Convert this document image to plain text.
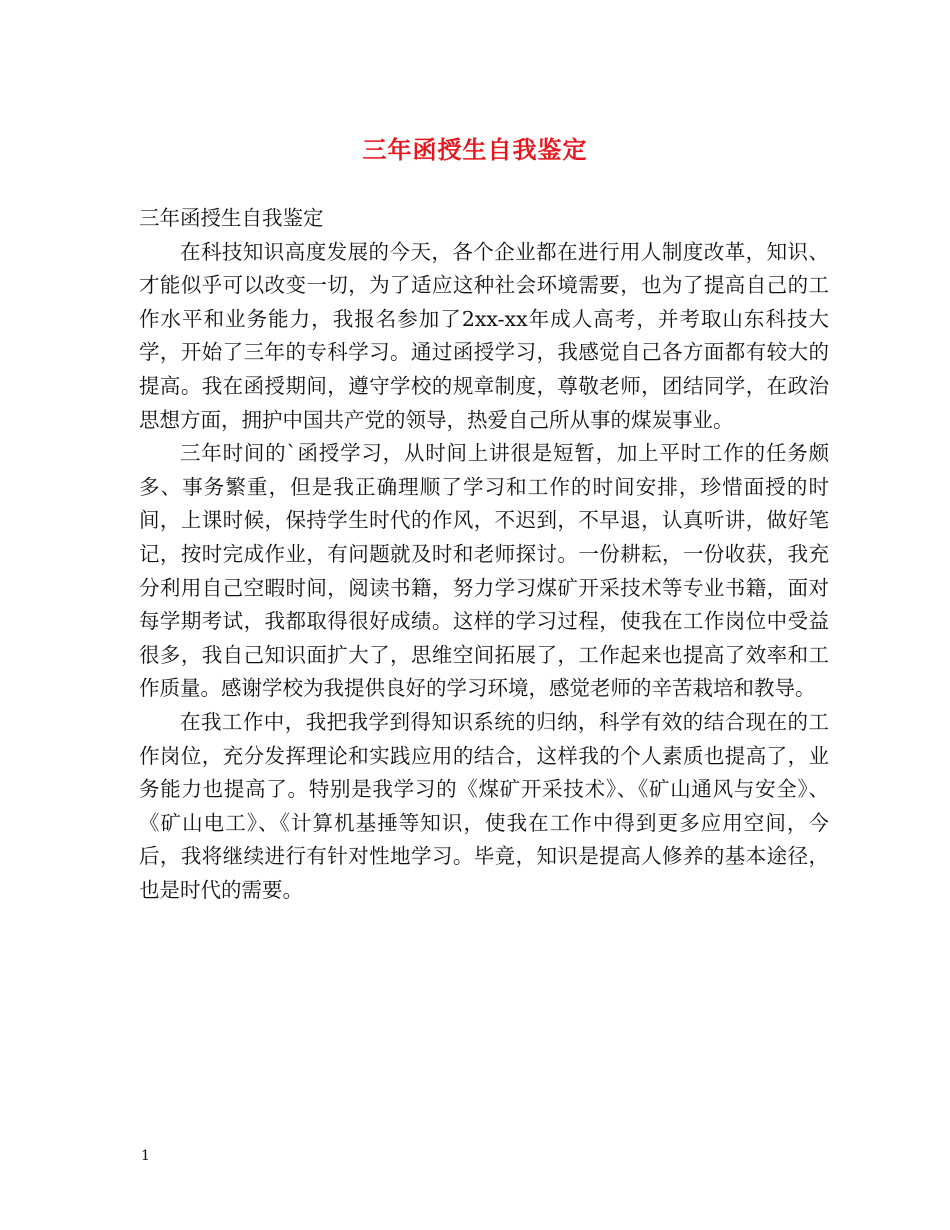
三年函授生自我鉴定

三年函授生自我鉴定

在科技知识高度发展的今天，各个企业都在进行用人制度改革，知识、才能似乎可以改变一切，为了适应这种社会环境需要，也为了提高自己的工作水平和业务能力，我报名参加了2xx-xx年成人高考，并考取山东科技大学，开始了三年的专科学习。通过函授学习，我感觉自己各方面都有较大的提高。我在函授期间，遵守学校的规章制度，尊敬老师，团结同学，在政治思想方面，拥护中国共产党的领导，热爱自己所从事的煤炭事业。

三年时间的`函授学习，从时间上讲很是短暂，加上平时工作的任务颇多、事务繁重，但是我正确理顺了学习和工作的时间安排，珍惜面授的时间，上课时候，保持学生时代的作风，不迟到，不早退，认真听讲，做好笔记，按时完成作业，有问题就及时和老师探讨。一份耕耘，一份收获，我充分利用自己空暇时间，阅读书籍，努力学习煤矿开采技术等专业书籍，面对每学期考试，我都取得很好成绩。这样的学习过程，使我在工作岗位中受益很多，我自己知识面扩大了，思维空间拓展了，工作起来也提高了效率和工作质量。感谢学校为我提供良好的学习环境，感觉老师的辛苦栽培和教导。

在我工作中，我把我学到得知识系统的归纳，科学有效的结合现在的工作岗位，充分发挥理论和实践应用的结合，这样我的个人素质也提高了，业务能力也提高了。特别是我学习的《煤矿开采技术》、《矿山通风与安全》、《矿山电工》、《计算机基捶等知识，使我在工作中得到更多应用空间，今后，我将继续进行有针对性地学习。毕竟，知识是提高人修养的基本途径，也是时代的需要。

1
